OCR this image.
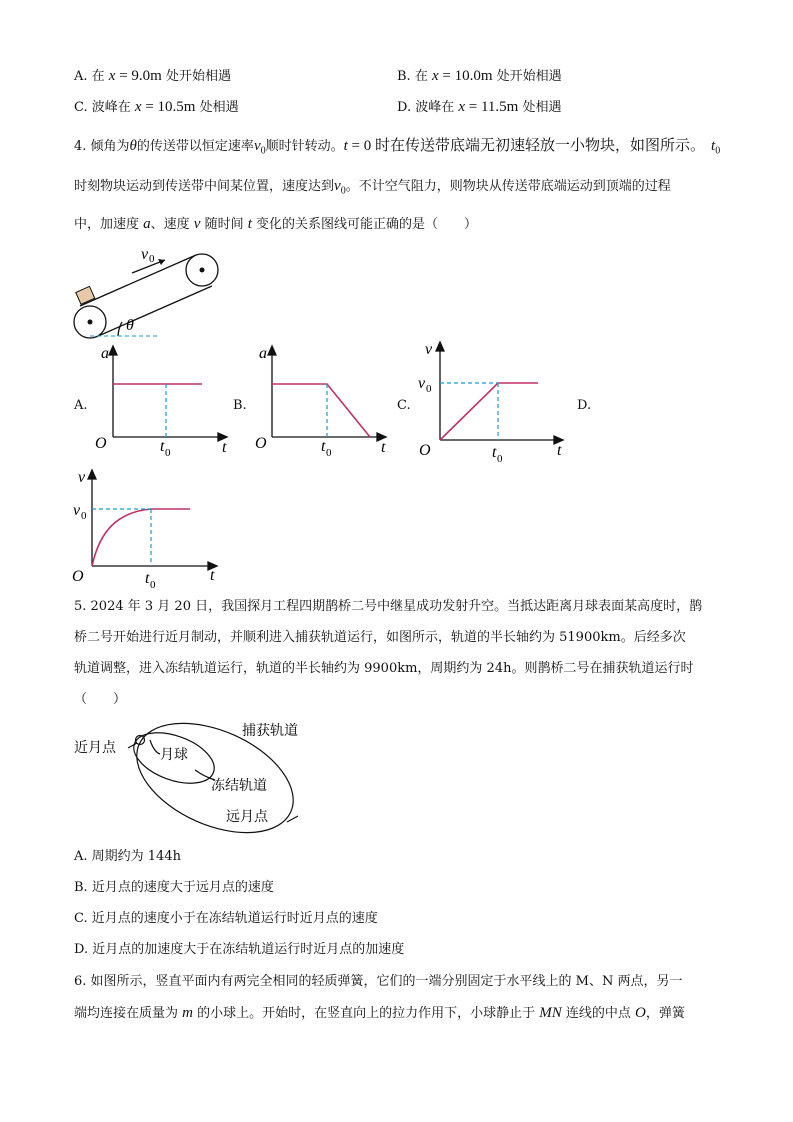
A. 在 x = 9.0m 处开始相遇	B. 在 x = 10.0m 处开始相遇
C. 波峰在 x = 10.5m 处相遇	D. 波峰在 x = 11.5m 处相遇
4. 倾角为θ的传送带以恒定速率$v_0$顺时针转动。t = 0 时在传送带底端无初速轻放一小物块，如图所示。 $t_0$
时刻物块运动到传送带中间某位置，速度达到$v_0$。不计空气阻力，则物块从传送带底端运动到顶端的过程
中，加速度 a、速度 v 随时间 t 变化的关系图线可能正确的是（　　）
v 0
θ
A.	B.	C.	D.
a
O	t
t 0
a
O	t
t 0
v
O	t
t 0
v 0
v
O	t
t 0
v 0
5. 2024 年 3 月 20 日，我国探月工程四期鹊桥二号中继星成功发射升空。当抵达距离月球表面某高度时，鹊
桥二号开始进行近月制动，并顺利进入捕获轨道运行，如图所示，轨道的半长轴约为 51900km。后经多次
轨道调整，进入冻结轨道运行，轨道的半长轴约为 9900km，周期约为 24h。则鹊桥二号在捕获轨道运行时
（　　）
捕获轨道
近月点	月球
冻结轨道
远月点
A. 周期约为 144h
B. 近月点的速度大于远月点的速度
C. 近月点的速度小于在冻结轨道运行时近月点的速度
D. 近月点的加速度大于在冻结轨道运行时近月点的加速度
6. 如图所示，竖直平面内有两完全相同的轻质弹簧，它们的一端分别固定于水平线上的 M、N 两点，另一
端均连接在质量为 m 的小球上。开始时，在竖直向上的拉力作用下，小球静止于 MN 连线的中点 O，弹簧
